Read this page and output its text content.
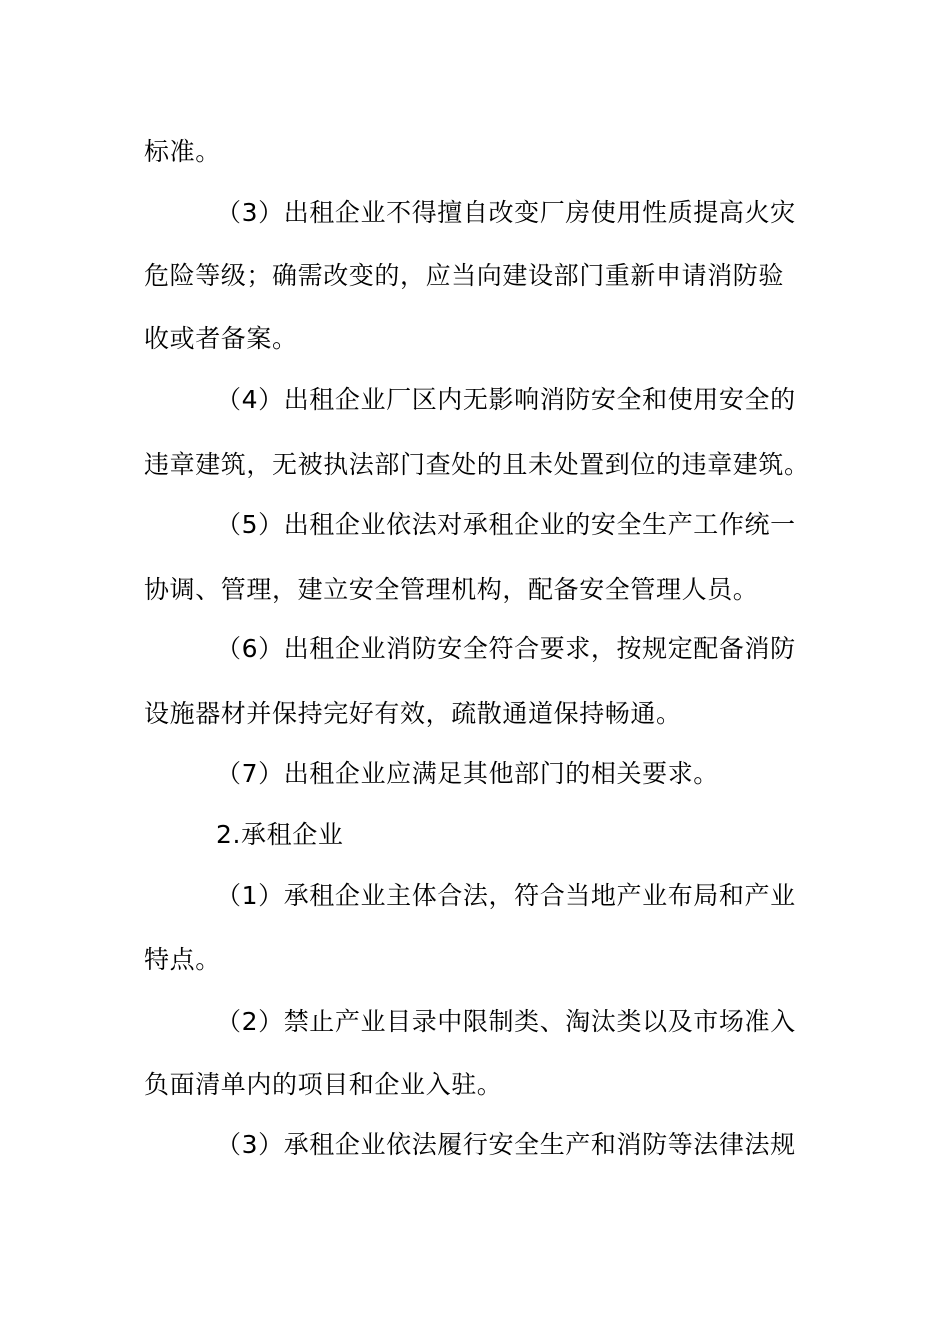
标准。
（3）出租企业不得擅自改变厂房使用性质提高火灾
危险等级；确需改变的，应当向建设部门重新申请消防验
收或者备案。
（4）出租企业厂区内无影响消防安全和使用安全的
违章建筑，无被执法部门查处的且未处置到位的违章建筑。
（5）出租企业依法对承租企业的安全生产工作统一
协调、管理，建立安全管理机构，配备安全管理人员。
（6）出租企业消防安全符合要求，按规定配备消防
设施器材并保持完好有效，疏散通道保持畅通。
（7）出租企业应满足其他部门的相关要求。
2.承租企业
（1）承租企业主体合法，符合当地产业布局和产业
特点。
（2）禁止产业目录中限制类、淘汰类以及市场准入
负面清单内的项目和企业入驻。
（3）承租企业依法履行安全生产和消防等法律法规
